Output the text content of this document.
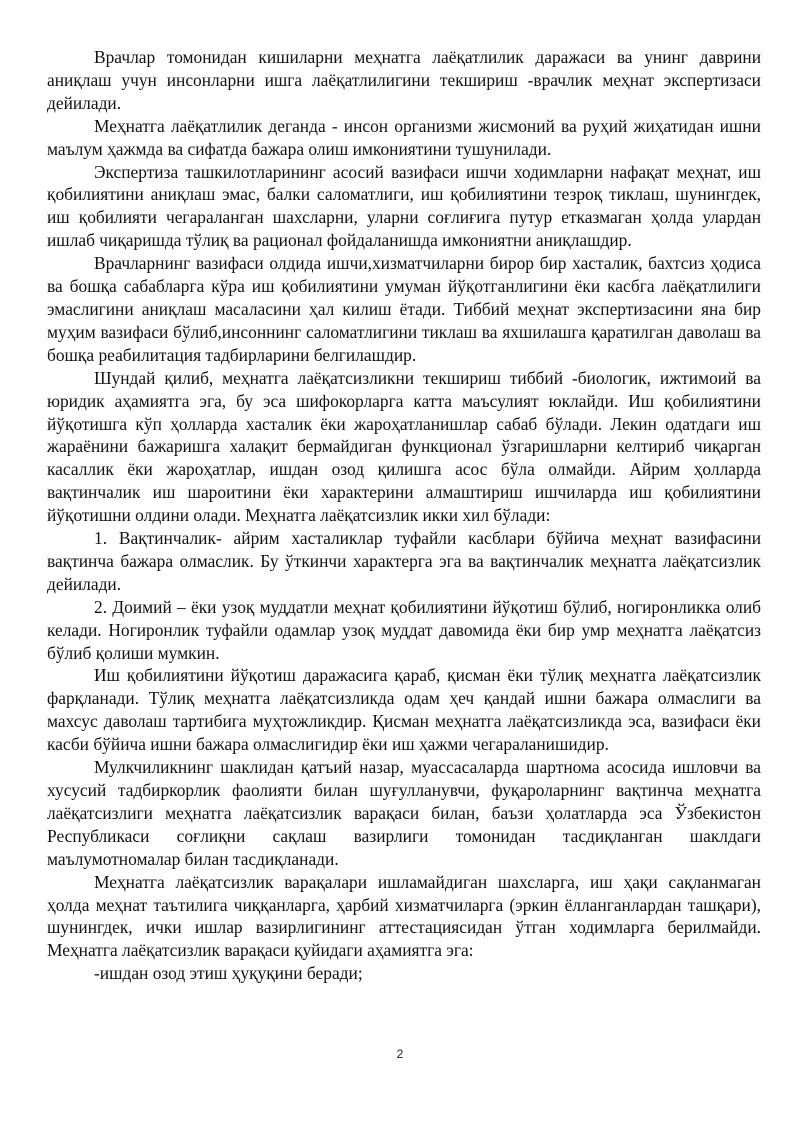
Врачлар томонидан кишиларни меҳнатга лаёқатлилик даражаси ва унинг даврини аниқлаш учун инсонларни ишга лаёқатлилигини текшириш -врачлик меҳнат экспертизаси дейилади.

Меҳнатга лаёқатлилик деганда - инсон организми жисмоний ва руҳий жиҳатидан ишни маълум ҳажмда ва сифатда бажара олиш имкониятини тушунилади.

Экспертиза ташкилотларининг асосий вазифаси ишчи ходимларни нафақат меҳнат, иш қобилиятини аниқлаш эмас, балки саломатлиги, иш қобилиятини тезроқ тиклаш, шунингдек, иш қобилияти чегараланган шахсларни, уларни соғлиғига путур етказмаган ҳолда улардан ишлаб чиқаришда тўлиқ ва рационал фойдаланишда имкониятни аниқлашдир.

Врачларнинг вазифаси олдида ишчи,хизматчиларни бирор бир хасталик, бахтсиз ҳодиса ва бошқа сабабларга кўра иш қобилиятини умуман йўқотганлигини ёки касбга лаёқатлилиги эмаслигини аниқлаш масаласини ҳал килиш ётади. Тиббий меҳнат экспертизасини яна бир муҳим вазифаси бўлиб,инсоннинг саломатлигини тиклаш ва яхшилашга қаратилган даволаш ва бошқа реабилитация тадбирларини белгилашдир.

Шундай қилиб, меҳнатга лаёқатсизликни текшириш тиббий -биологик, ижтимоий ва юридик аҳамиятга эга, бу эса шифокорларга катта маъсулият юклайди. Иш қобилиятини йўқотишга кўп ҳолларда хасталик ёки жароҳатланишлар сабаб бўлади. Лекин одатдаги иш жараёнини бажаришга халақит бермайдиган функционал ўзгаришларни келтириб чиқарган касаллик ёки жароҳатлар, ишдан озод қилишга асос бўла олмайди. Айрим ҳолларда вақтинчалик иш шароитини ёки характерини алмаштириш ишчиларда иш қобилиятини йўқотишни олдини олади. Меҳнатга лаёқатсизлик икки хил бўлади:

1. Вақтинчалик- айрим хасталиклар туфайли касблари бўйича меҳнат вазифасини вақтинча бажара олмаслик. Бу ўткинчи характерга эга ва вақтинчалик меҳнатга лаёқатсизлик дейилади.

2. Доимий – ёки узоқ муддатли меҳнат қобилиятини йўқотиш бўлиб, ногиронликка олиб келади. Ногиронлик туфайли одамлар узоқ муддат давомида ёки бир умр меҳнатга лаёқатсиз бўлиб қолиши мумкин.

Иш қобилиятини йўқотиш даражасига қараб, қисман ёки тўлиқ меҳнатга лаёқатсизлик фарқланади. Тўлиқ меҳнатга лаёқатсизликда одам ҳеч қандай ишни бажара олмаслиги ва махсус даволаш тартибига муҳтожликдир. Қисман меҳнатга лаёқатсизликда эса, вазифаси ёки касби бўйича ишни бажара олмаслигидир ёки иш ҳажми чегараланишидир.

Мулкчиликнинг шаклидан қатъий назар, муассасаларда шартнома асосида ишловчи ва хусусий тадбиркорлик фаолияти билан шуғулланувчи, фуқароларнинг вақтинча меҳнатга лаёқатсизлиги меҳнатга лаёқатсизлик варақаси билан, баъзи ҳолатларда эса Ўзбекистон Республикаси соғлиқни сақлаш вазирлиги томонидан тасдиқланган шаклдаги маълумотномалар билан тасдиқланади.

Меҳнатга лаёқатсизлик варақалари ишламайдиган шахсларга, иш ҳақи сақланмаган ҳолда меҳнат таътилига чиққанларга, ҳарбий хизматчиларга (эркин ёлланганлардан ташқари), шунингдек, ички ишлар вазирлигининг аттестациясидан ўтган ходимларга берилмайди. Меҳнатга лаёқатсизлик варақаси қуйидаги аҳамиятга эга:

-ишдан озод этиш ҳуқуқини беради;

2
